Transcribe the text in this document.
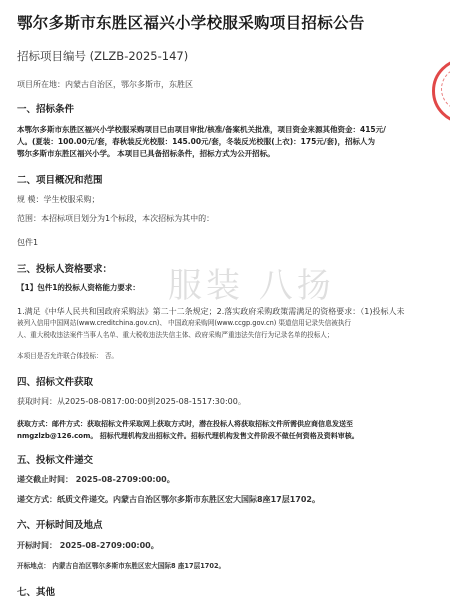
鄂尔多斯市东胜区福兴小学校服采购项目招标公告
招标项目编号 (ZLZB-2025-147)
项目所在地：内蒙古自治区，鄂尔多斯市，东胜区
一、招标条件
本鄂尔多斯市东胜区福兴小学校服采购项目已由项目审批/核准/备案机关批准，项目资金来源其他资金：415元/
人。(夏装：100.00元/套，春秋装反光校服：145.00元/套，冬装反光校服(上衣)：175元/套)，招标人为
鄂尔多斯市东胜区福兴小学。 本项目已具备招标条件，招标方式为公开招标。
二、项目概况和范围
规 模：学生校服采购；
范围：本招标项目划分为1个标段，本次招标为其中的：
包件1
三、投标人资格要求：
【1】包件1的投标人资格能力要求：
1.满足《中华人民共和国政府采购法》第二十二条规定；2.落实政府采购政策需满足的资格要求：（1)投标人未
被列入信用中国网站(www.creditchina.gov.cn)、 中国政府采购网(www.ccgp.gov.cn) 渠道信用记录失信被执行
人、重大税收违法案件当事人名单、重大税收违法失信主体、政府采购严重违法失信行为记录名单的投标人；
本项目是否允许联合体投标： 否。
四、招标文件获取
获取时间：从2025-08-0817:00:00到2025-08-1517:30:00。
获取方式：邮件方式：获取招标文件采取网上获取方式时，潜在投标人将获取招标文件所需供应商信息发送至
nmgzlzb@126.com。 招标代理机构发出招标文件。招标代理机构发售文件阶段不做任何资格及资料审核。
五、投标文件递交
递交截止时间： 2025-08-2709:00:00。
递交方式：纸质文件递交。内蒙古自治区鄂尔多斯市东胜区宏大国际8座17层1702。
六、开标时间及地点
开标时间： 2025-08-2709:00:00。
开标地点： 内蒙古自治区鄂尔多斯市东胜区宏大国际8 座17层1702。
七、其他
服装 八扬
